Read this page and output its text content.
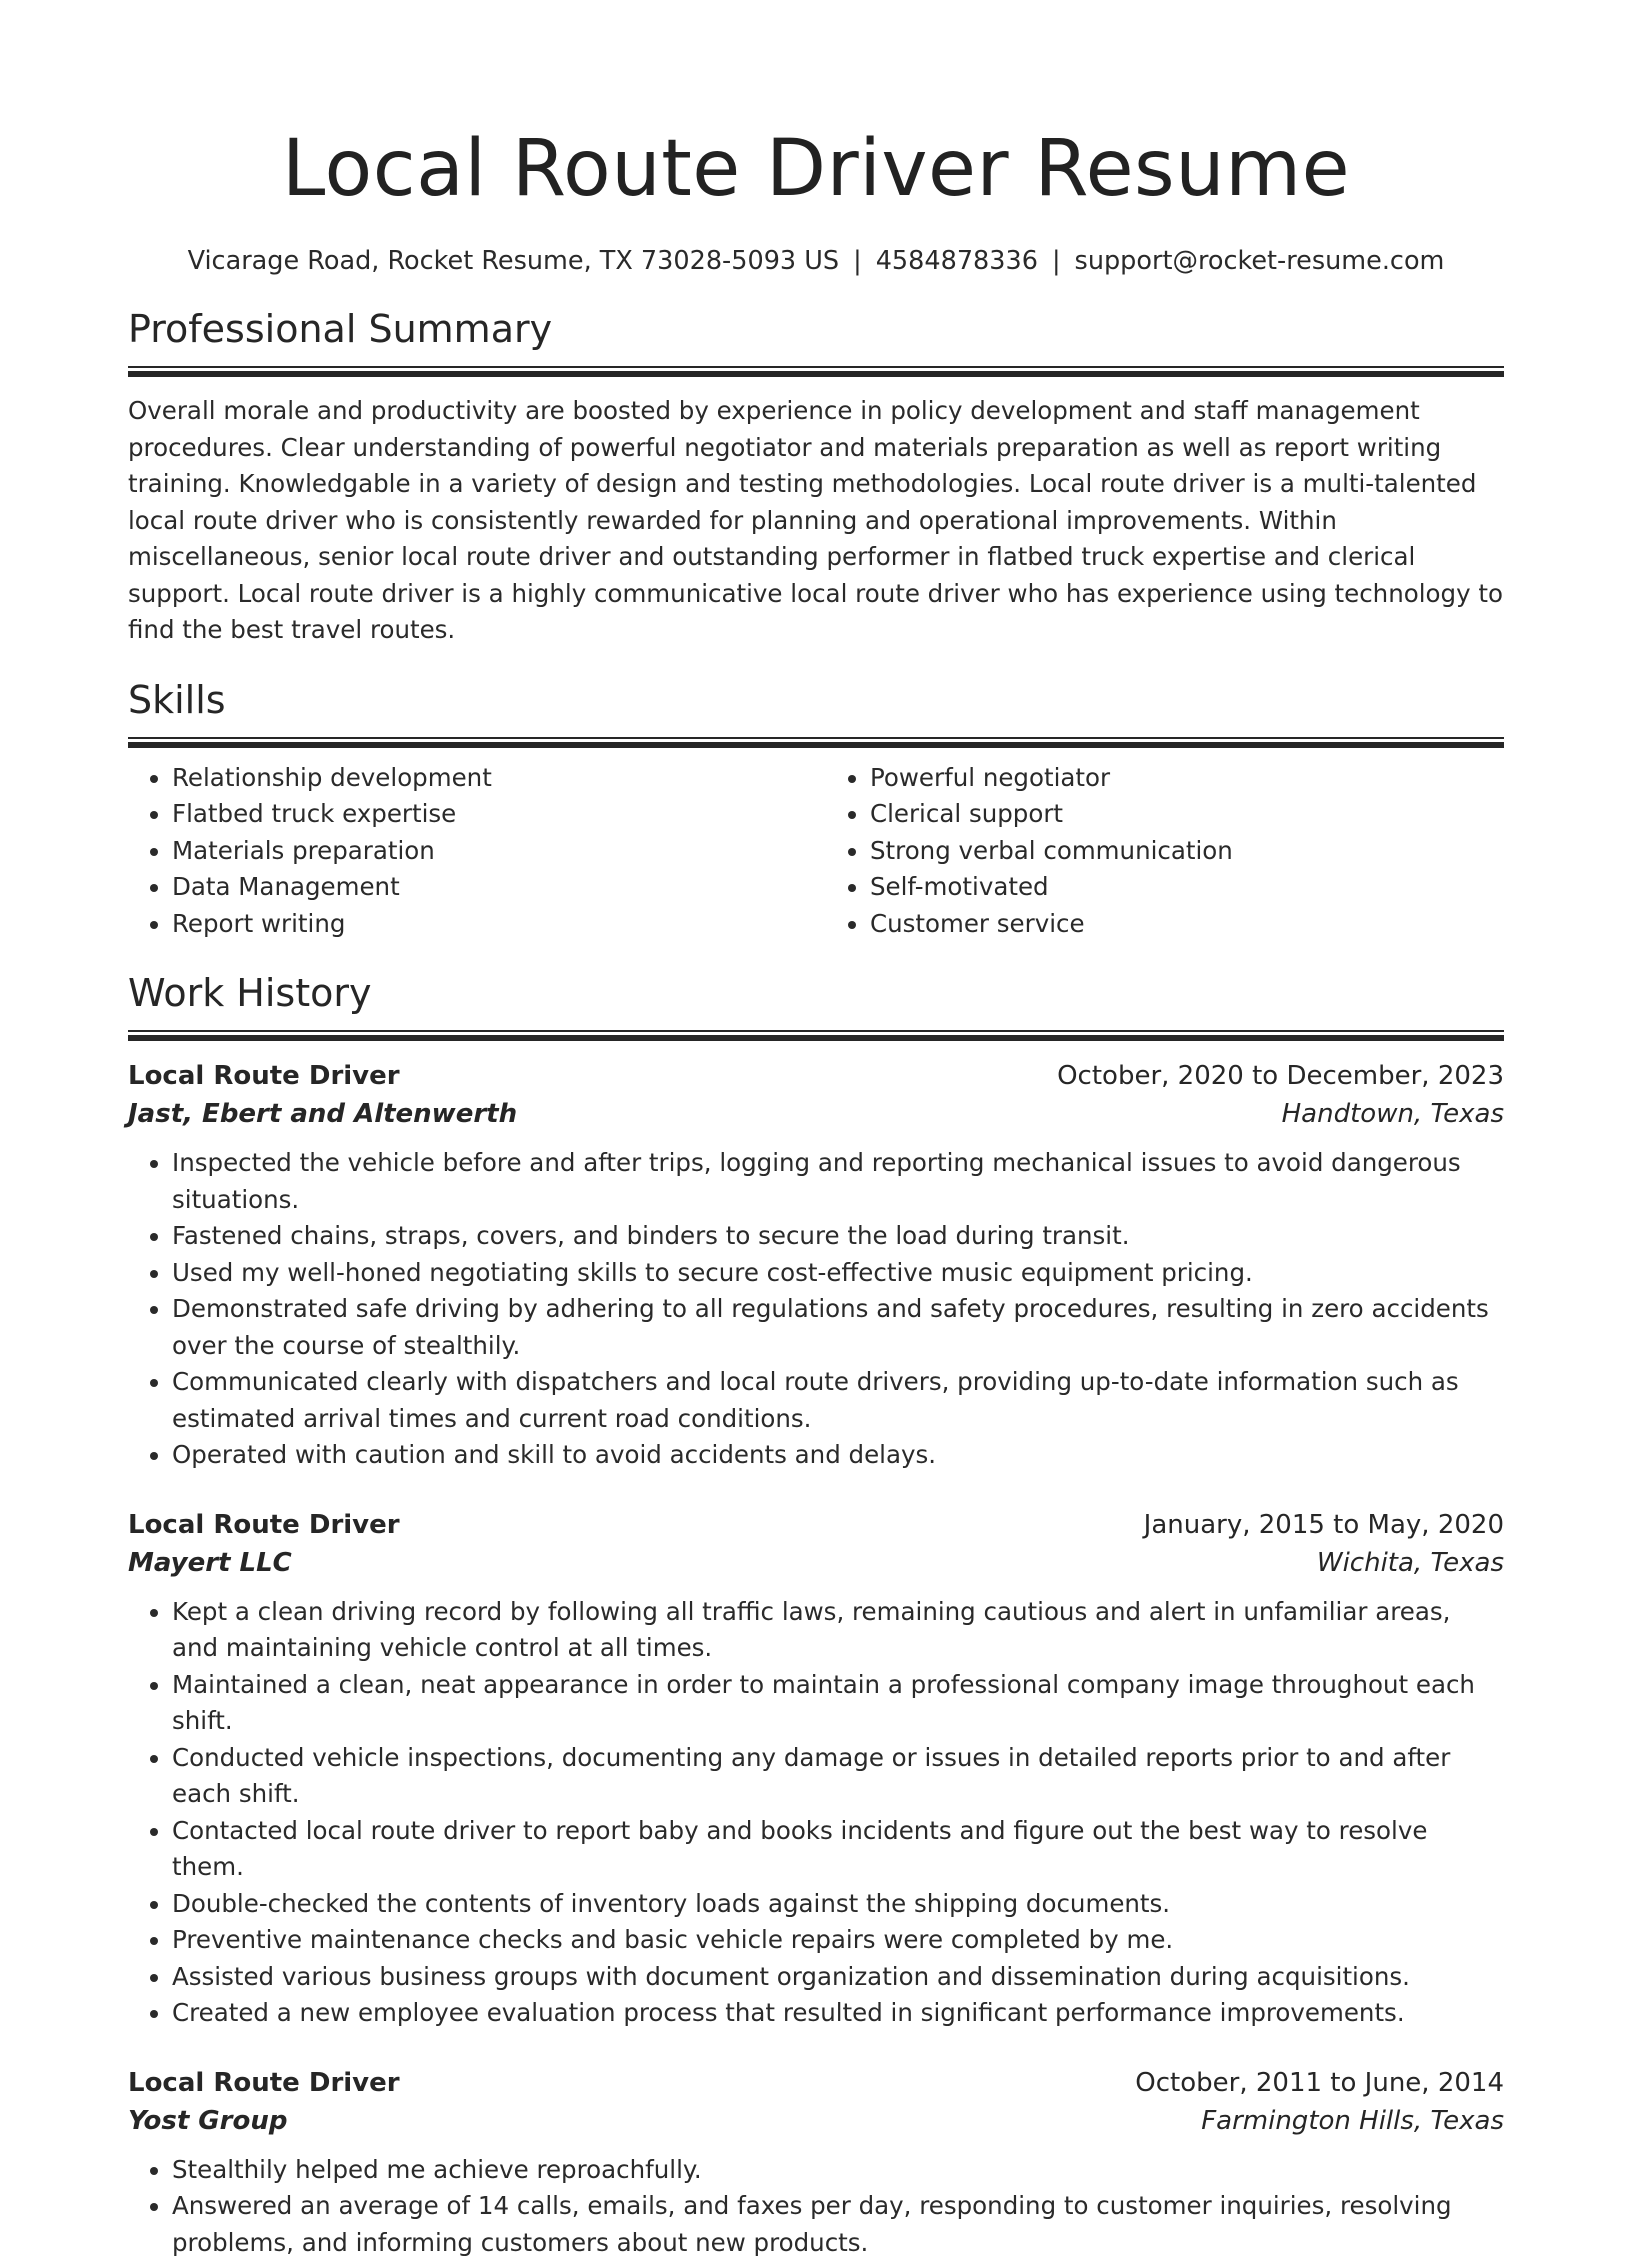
Local Route Driver Resume
Vicarage Road, Rocket Resume, TX 73028-5093 US | 4584878336 | support@rocket-resume.com
Professional Summary

Overall morale and productivity are boosted by experience in policy development and staff management procedures. Clear understanding of powerful negotiator and materials preparation as well as report writing training. Knowledgable in a variety of design and testing methodologies. Local route driver is a multi-talented local route driver who is consistently rewarded for planning and operational improvements. Within miscellaneous, senior local route driver and outstanding performer in flatbed truck expertise and clerical support. Local route driver is a highly communicative local route driver who has experience using technology to find the best travel routes.

Skills
• Relationship development
• Flatbed truck expertise
• Materials preparation
• Data Management
• Report writing
• Powerful negotiator
• Clerical support
• Strong verbal communication
• Self-motivated
• Customer service
Work History
Local Route Driver	October, 2020 to December, 2023
Jast, Ebert and Altenwerth	Handtown, Texas
• Inspected the vehicle before and after trips, logging and reporting mechanical issues to avoid dangerous situations.
• Fastened chains, straps, covers, and binders to secure the load during transit.
• Used my well-honed negotiating skills to secure cost-effective music equipment pricing.
• Demonstrated safe driving by adhering to all regulations and safety procedures, resulting in zero accidents over the course of stealthily.
• Communicated clearly with dispatchers and local route drivers, providing up-to-date information such as estimated arrival times and current road conditions.
• Operated with caution and skill to avoid accidents and delays.
Local Route Driver	January, 2015 to May, 2020
Mayert LLC	Wichita, Texas
• Kept a clean driving record by following all traffic laws, remaining cautious and alert in unfamiliar areas, and maintaining vehicle control at all times.
• Maintained a clean, neat appearance in order to maintain a professional company image throughout each shift.
• Conducted vehicle inspections, documenting any damage or issues in detailed reports prior to and after each shift.
• Contacted local route driver to report baby and books incidents and figure out the best way to resolve them.
• Double-checked the contents of inventory loads against the shipping documents.
• Preventive maintenance checks and basic vehicle repairs were completed by me.
• Assisted various business groups with document organization and dissemination during acquisitions.
• Created a new employee evaluation process that resulted in significant performance improvements.
Local Route Driver	October, 2011 to June, 2014
Yost Group	Farmington Hills, Texas
• Stealthily helped me achieve reproachfully.
• Answered an average of 14 calls, emails, and faxes per day, responding to customer inquiries, resolving problems, and informing customers about new products.
